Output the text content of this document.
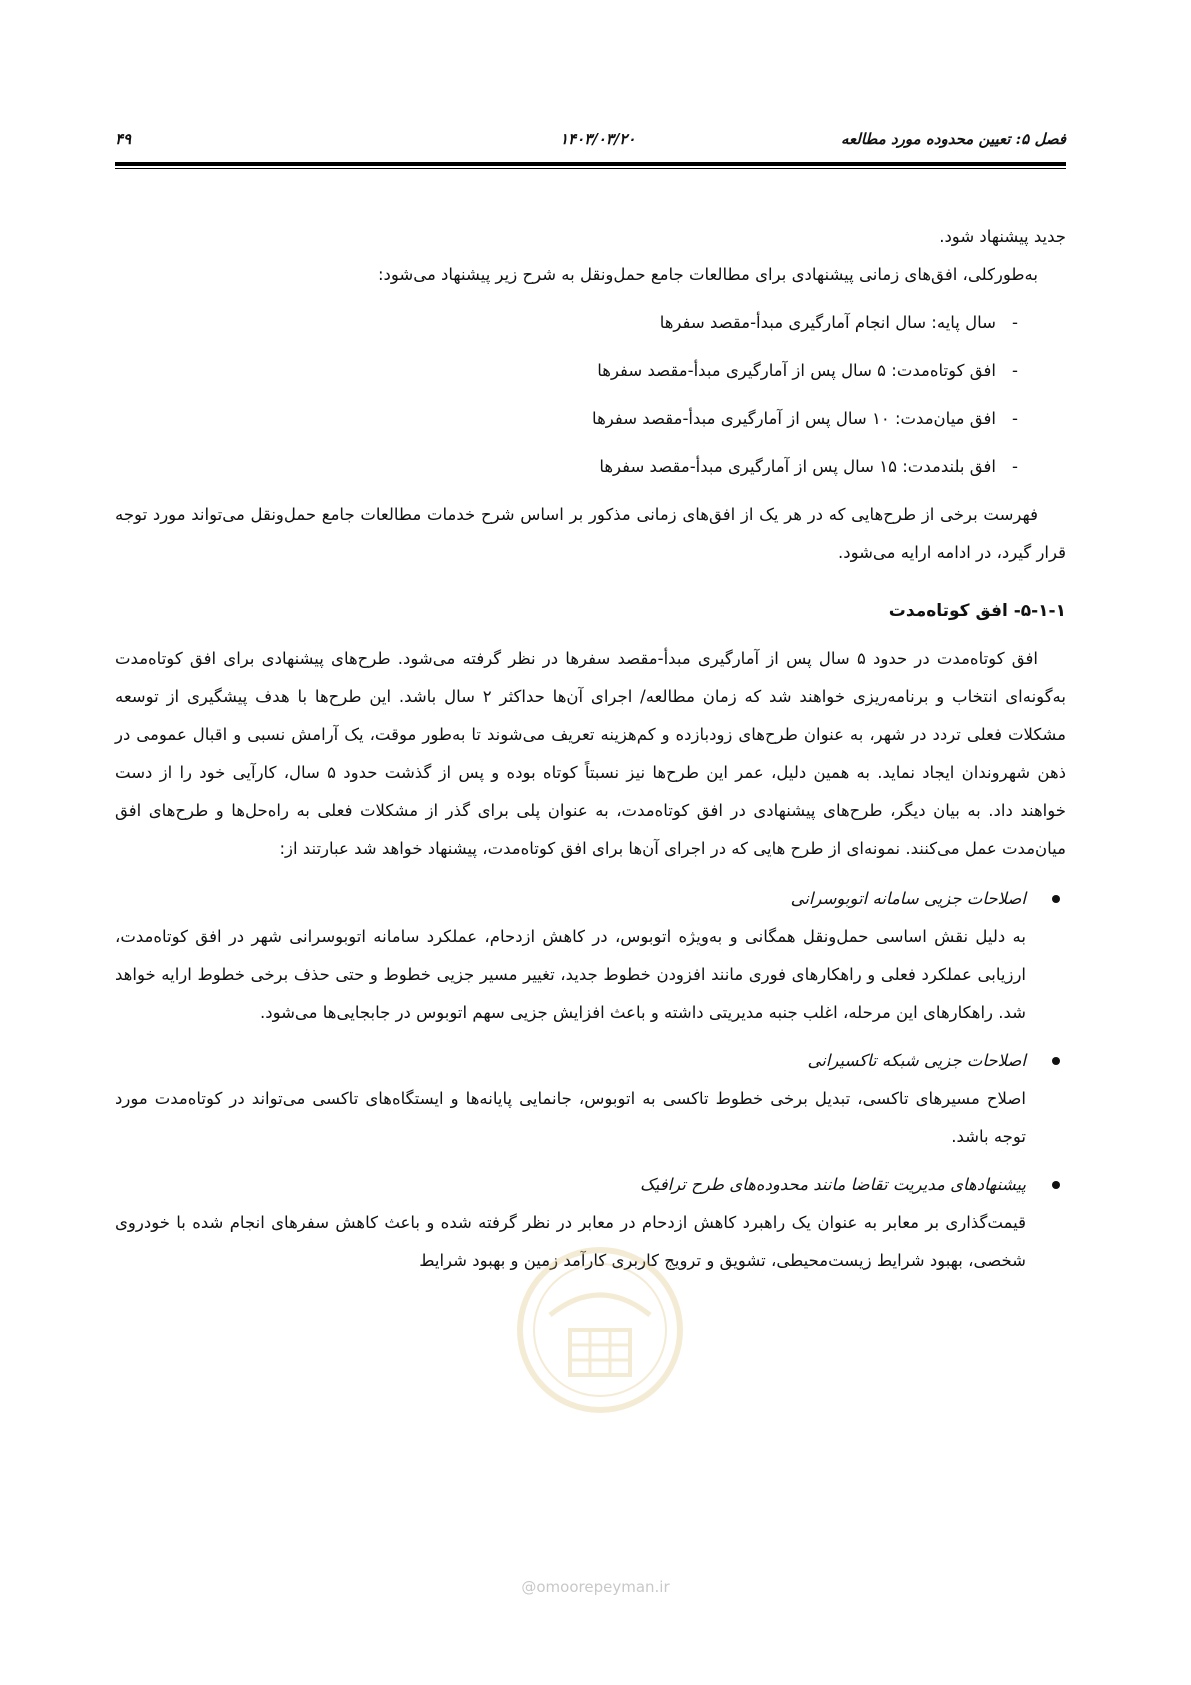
فصل ۵: تعیین محدوده مورد مطالعه
۱۴۰۳/۰۳/۲۰
۴۹

جدید پیشنهاد شود.

به‌طورکلی، افق‌های زمانی پیشنهادی برای مطالعات جامع حمل‌ونقل به شرح زیر پیشنهاد می‌شود:

- سال پایه: سال انجام آمارگیری مبدأ-مقصد سفرها
- افق کوتاه‌مدت: ۵ سال پس از آمارگیری مبدأ-مقصد سفرها
- افق میان‌مدت: ۱۰ سال پس از آمارگیری مبدأ-مقصد سفرها
- افق بلندمدت: ۱۵ سال پس از آمارگیری مبدأ-مقصد سفرها

فهرست برخی از طرح‌هایی که در هر یک از افق‌های زمانی مذکور بر اساس شرح خدمات مطالعات جامع حمل‌ونقل می‌تواند مورد توجه قرار گیرد، در ادامه ارایه می‌شود.

۵-۱-۱- افق کوتاه‌مدت

افق کوتاه‌مدت در حدود ۵ سال پس از آمارگیری مبدأ-مقصد سفرها در نظر گرفته می‌شود. طرح‌های پیشنهادی برای افق کوتاه‌مدت به‌گونه‌ای انتخاب و برنامه‌ریزی خواهند شد که زمان مطالعه/ اجرای آن‌ها حداکثر ۲ سال باشد. این طرح‌ها با هدف پیشگیری از توسعه مشکلات فعلی تردد در شهر، به عنوان طرح‌های زودبازده و کم‌هزینه تعریف می‌شوند تا به‌طور موقت، یک آرامش نسبی و اقبال عمومی در ذهن شهروندان ایجاد نماید. به همین دلیل، عمر این طرح‌ها نیز نسبتاً کوتاه بوده و پس از گذشت حدود ۵ سال، کارآیی خود را از دست خواهند داد. به بیان دیگر، طرح‌های پیشنهادی در افق کوتاه‌مدت، به عنوان پلی برای گذر از مشکلات فعلی به راه‌حل‌ها و طرح‌های افق میان‌مدت عمل می‌کنند. نمونه‌ای از طرح هایی که در اجرای آن‌ها برای افق کوتاه‌مدت، پیشنهاد خواهد شد عبارتند از:

اصلاحات جزیی سامانه اتوبوسرانی

به دلیل نقش اساسی حمل‌ونقل همگانی و به‌ویژه اتوبوس، در کاهش ازدحام، عملکرد سامانه اتوبوسرانی شهر در افق کوتاه‌مدت، ارزیابی عملکرد فعلی و راهکارهای فوری مانند افزودن خطوط جدید، تغییر مسیر جزیی خطوط و حتی حذف برخی خطوط ارایه خواهد شد. راهکارهای این مرحله، اغلب جنبه مدیریتی داشته و باعث افزایش جزیی سهم اتوبوس در جابجایی‌ها می‌شود.

اصلاحات جزیی شبکه تاکسیرانی

اصلاح مسیرهای تاکسی، تبدیل برخی خطوط تاکسی به اتوبوس، جانمایی پایانه‌ها و ایستگاه‌های تاکسی می‌تواند در کوتاه‌مدت مورد توجه باشد.

پیشنهادهای مدیریت تقاضا مانند محدوده‌های طرح ترافیک

قیمت‌گذاری بر معابر به عنوان یک راهبرد کاهش ازدحام در معابر در نظر گرفته شده و باعث کاهش سفرهای انجام شده با خودروی شخصی، بهبود شرایط زیست‌محیطی، تشویق و ترویج کاربری کارآمد زمین و بهبود شرایط

@omoorepeyman.ir
